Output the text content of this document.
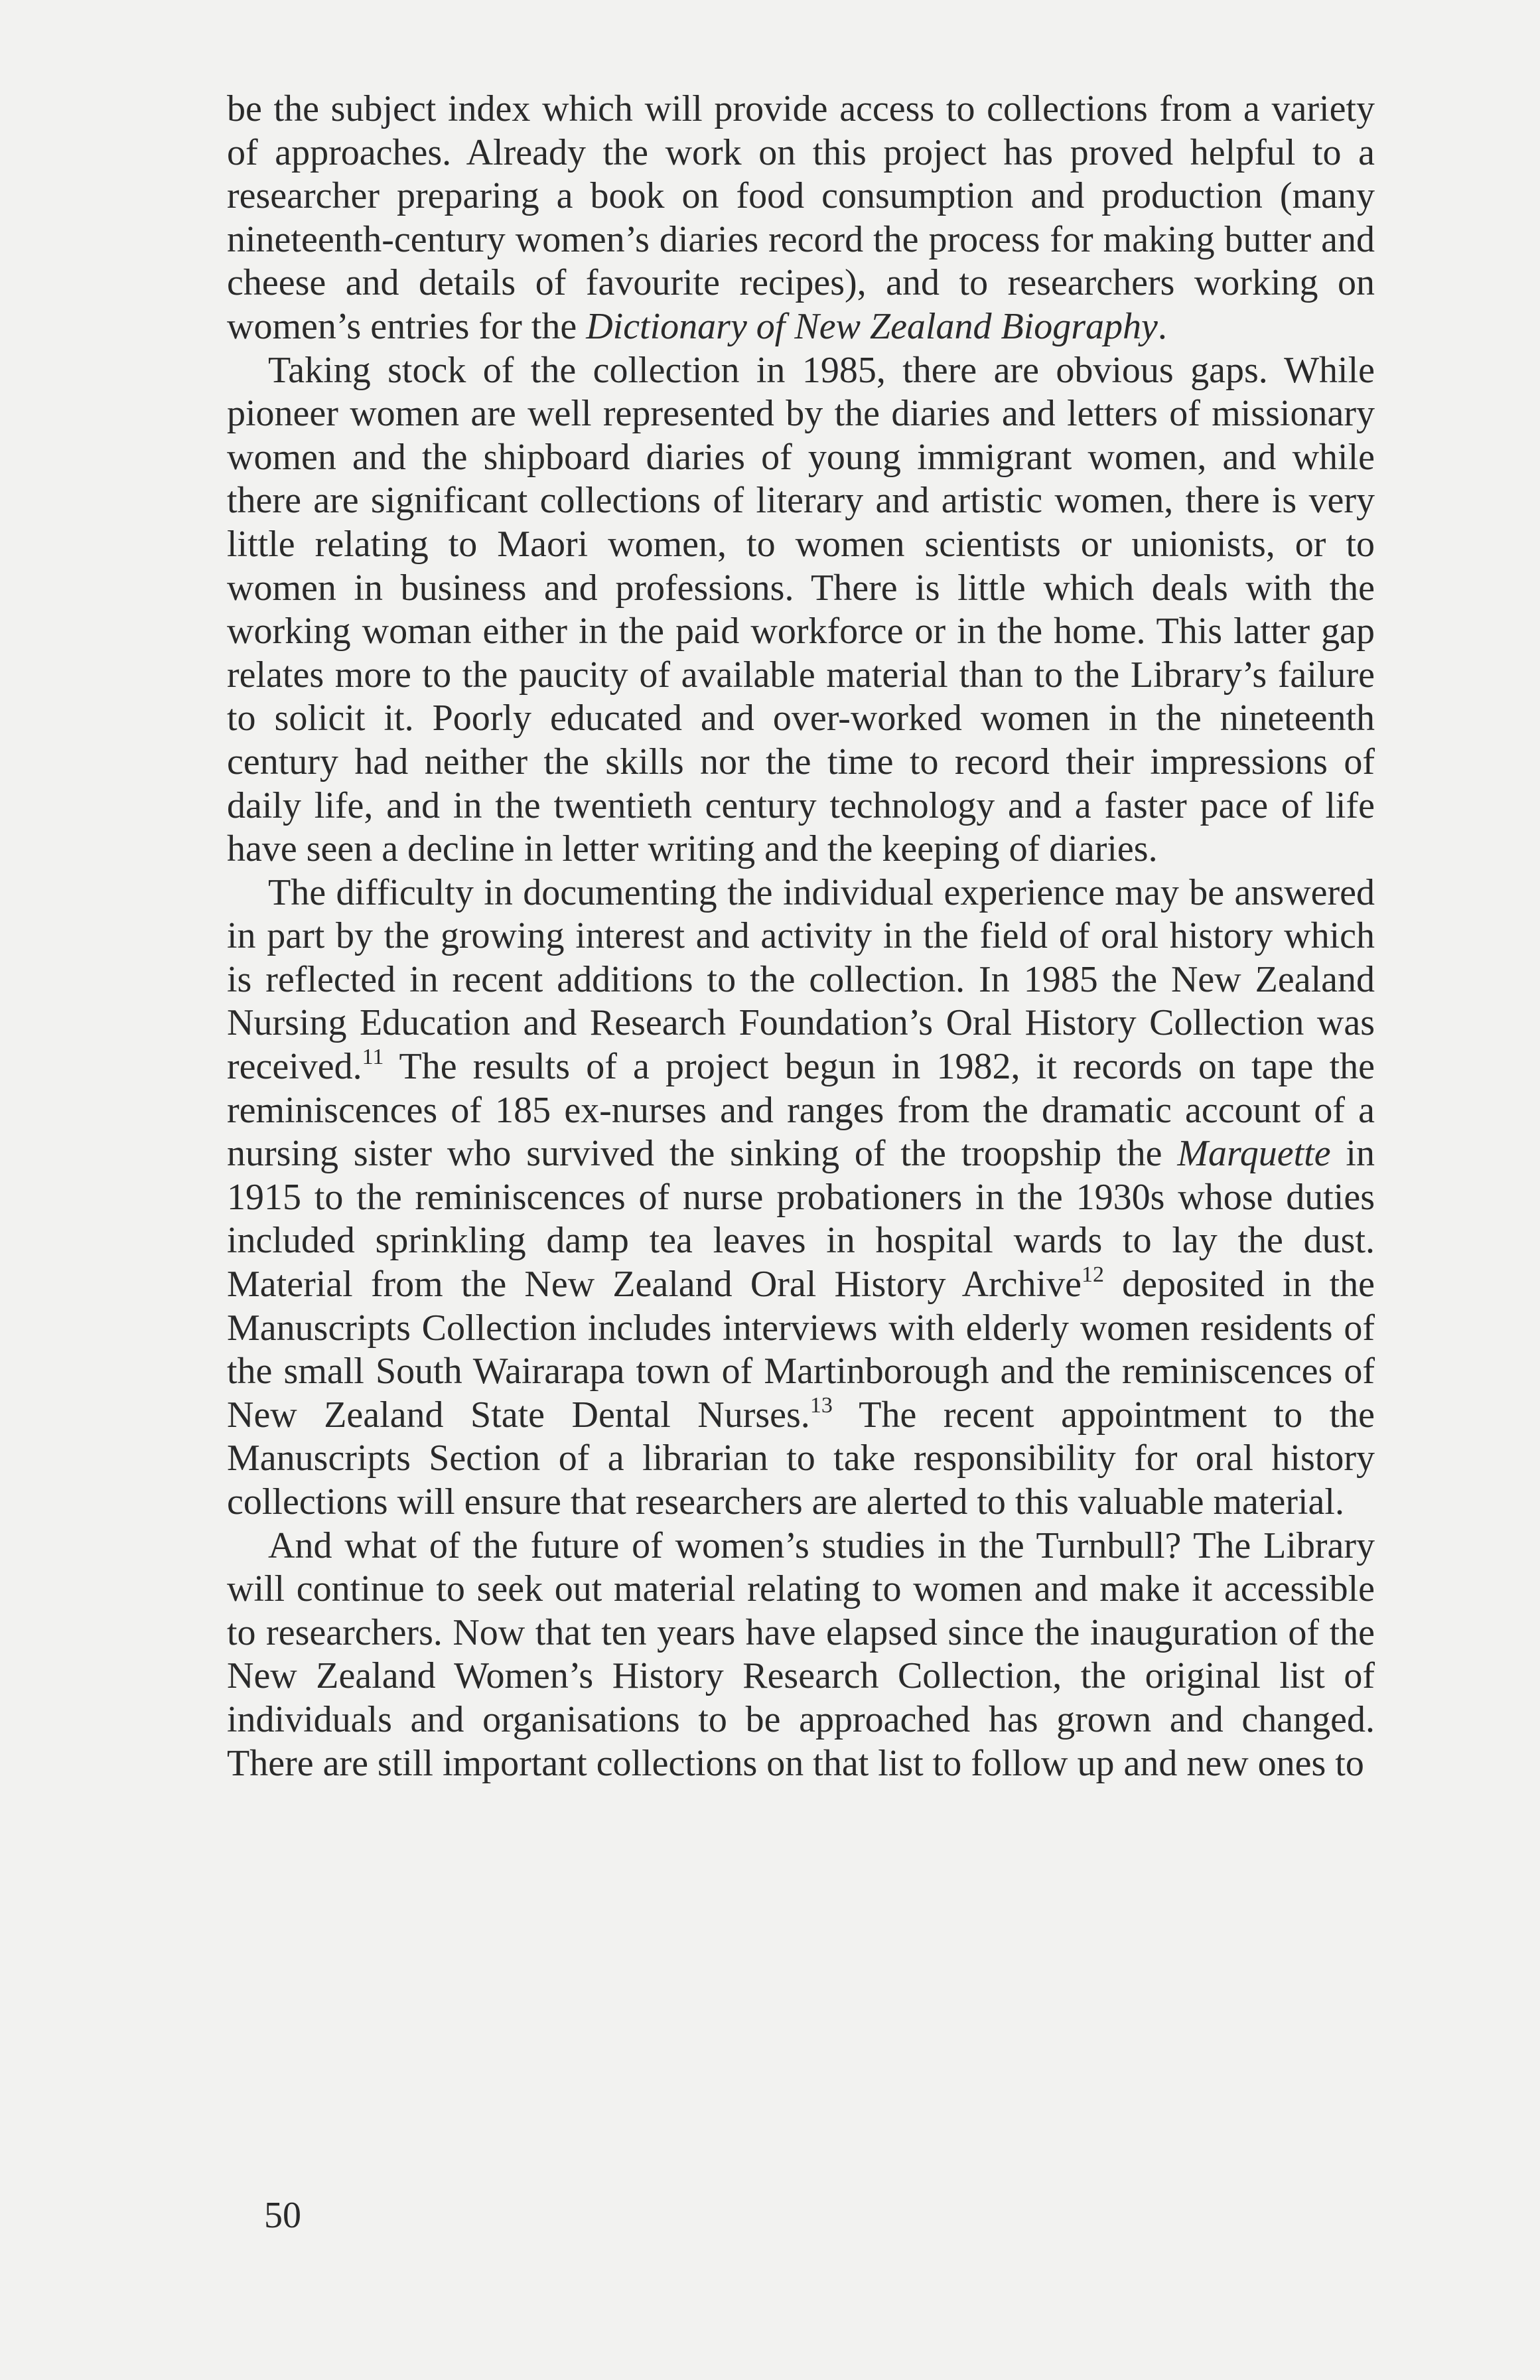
be the subject index which will provide access to collections from a variety of approaches. Already the work on this project has proved helpful to a researcher preparing a book on food consumption and production (many nineteenth-century women’s diaries record the process for making butter and cheese and details of favourite recipes), and to researchers working on women’s entries for the Dictionary of New Zealand Biography.

Taking stock of the collection in 1985, there are obvious gaps. While pioneer women are well represented by the diaries and letters of missionary women and the shipboard diaries of young immigrant women, and while there are significant collections of literary and artistic women, there is very little relating to Maori women, to women scientists or unionists, or to women in business and professions. There is little which deals with the working woman either in the paid workforce or in the home. This latter gap relates more to the paucity of available material than to the Library’s failure to solicit it. Poorly educated and over-worked women in the nineteenth century had neither the skills nor the time to record their impressions of daily life, and in the twentieth century technology and a faster pace of life have seen a decline in letter writing and the keeping of diaries.

The difficulty in documenting the individual experience may be answered in part by the growing interest and activity in the field of oral history which is reflected in recent additions to the collection. In 1985 the New Zealand Nursing Education and Research Foundation’s Oral History Collection was received.$^{11}$ The results of a project begun in 1982, it records on tape the reminiscences of 185 ex-nurses and ranges from the dramatic account of a nursing sister who survived the sinking of the troopship the Marquette in 1915 to the reminiscences of nurse probationers in the 1930s whose duties included sprinkling damp tea leaves in hospital wards to lay the dust. Material from the New Zealand Oral History Archive$^{12}$ deposited in the Manuscripts Collection includes interviews with elderly women residents of the small South Wairarapa town of Martinborough and the reminiscences of New Zealand State Dental Nurses.$^{13}$ The recent appointment to the Manuscripts Section of a librarian to take responsibility for oral history collections will ensure that researchers are alerted to this valuable material.

And what of the future of women’s studies in the Turnbull? The Library will continue to seek out material relating to women and make it accessible to researchers. Now that ten years have elapsed since the inauguration of the New Zealand Women’s History Research Collection, the original list of individuals and organisations to be approached has grown and changed. There are still important collections on that list to follow up and new ones to

50
